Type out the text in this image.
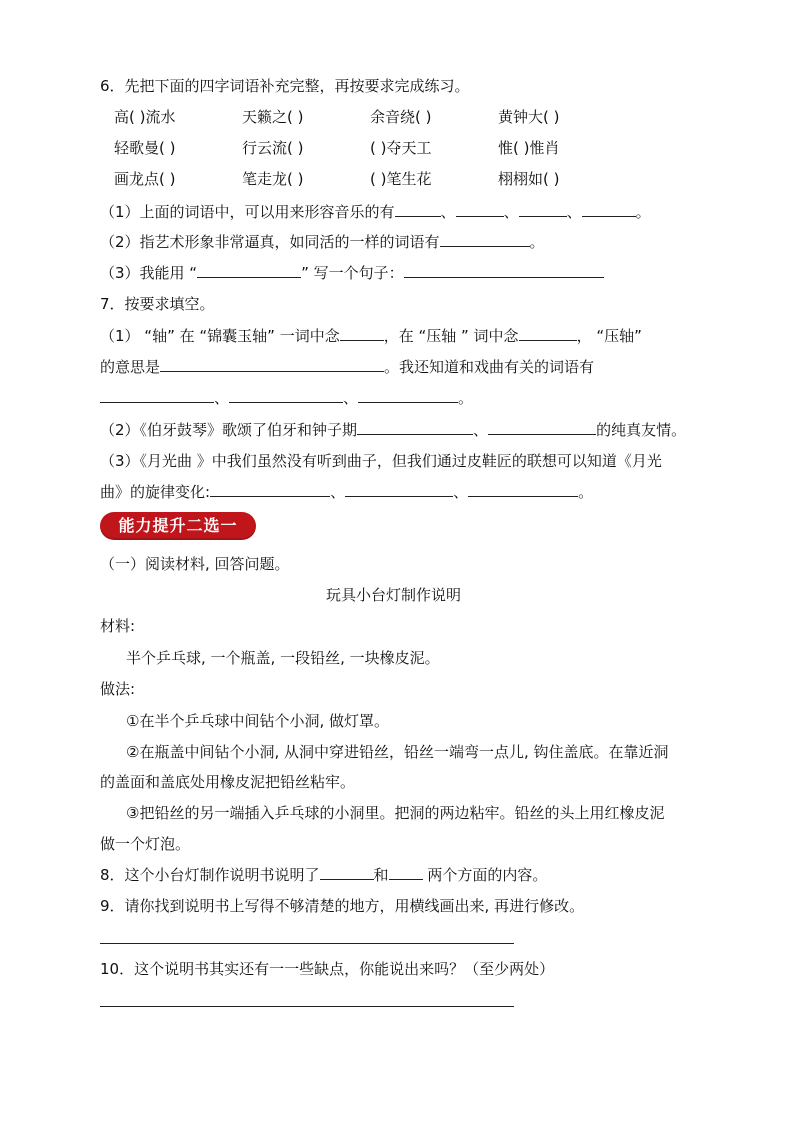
6．先把下面的四字词语补充完整，再按要求完成练习。
高( )流水	天籁之( )	余音绕( )	黄钟大( )
轻歌曼( )	行云流( )	( )夺天工	惟( )惟肖
画龙点( )	笔走龙( )	( )笔生花	栩栩如( )
（1）上面的词语中，可以用来形容音乐的有	、	、	、	。
（2）指艺术形象非常逼真，如同活的一样的词语有	。
（3）我能用 “	” 写一个句子：
7．按要求填空。
（1） “轴” 在 “锦囊玉轴” 一词中念	，在 “压轴 ” 词中念	， “压轴”
的意思是	。我还知道和戏曲有关的词语有
、	、	。
（2）《伯牙鼓琴》歌颂了伯牙和钟子期	、	的纯真友情。
（3）《月光曲 》中我们虽然没有听到曲子，但我们通过皮鞋匠的联想可以知道《月光
曲》的旋律变化:	、	、	。
能力提升二选一
（一）阅读材料, 回答问题。
玩具小台灯制作说明
材料:
半个乒乓球, 一个瓶盖, 一段铅丝, 一块橡皮泥。
做法:
①在半个乒乓球中间钻个小洞, 做灯罩。
②在瓶盖中间钻个小洞, 从洞中穿进铅丝，铅丝一端弯一点儿, 钩住盖底。在靠近洞
的盖面和盖底处用橡皮泥把铅丝粘牢。
③把铅丝的另一端插入乒乓球的小洞里。把洞的两边粘牢。铅丝的头上用红橡皮泥
做一个灯泡。
8．这个小台灯制作说明书说明了	和 两个方面的内容。
9．请你找到说明书上写得不够清楚的地方，用横线画出来, 再进行修改。
10．这个说明书其实还有一一些缺点，你能说出来吗？（至少两处）
